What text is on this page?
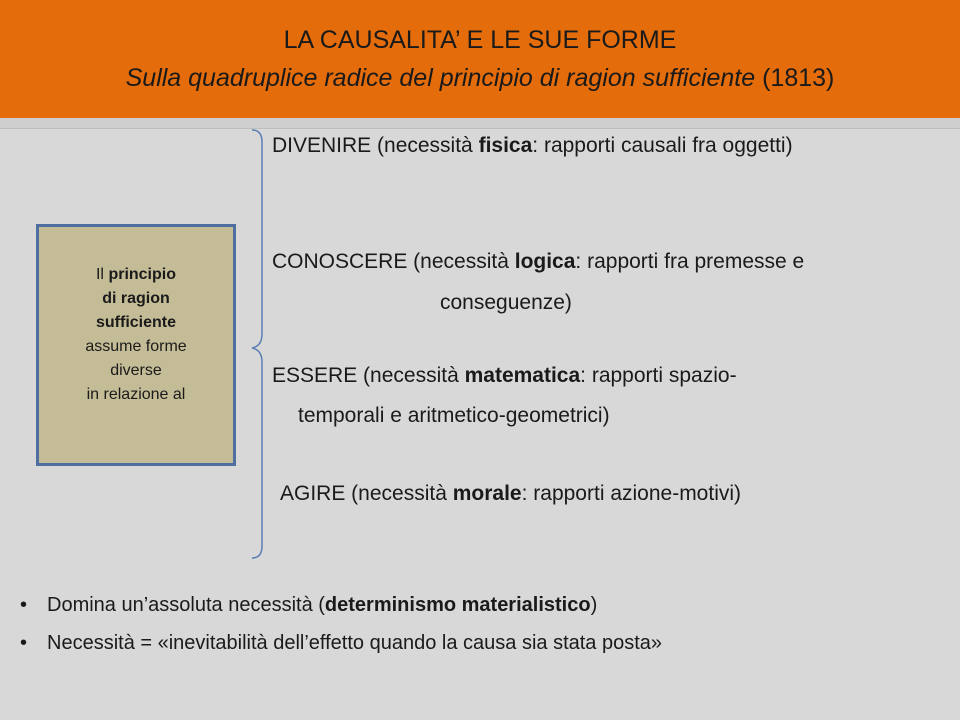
LA CAUSALITA’ E LE SUE FORME
Sulla quadruplice radice del principio di ragion sufficiente (1813)
Il principio
di ragion
sufficiente
assume forme
diverse
in relazione al
DIVENIRE (necessità fisica: rapporti causali fra oggetti)
CONOSCERE (necessità logica: rapporti fra premesse e
conseguenze)
ESSERE (necessità matematica: rapporti spazio-
temporali e aritmetico-geometrici)
AGIRE (necessità morale: rapporti azione-motivi)
• Domina un’assoluta necessità (determinismo materialistico)
• Necessità = «inevitabilità dell’effetto quando la causa sia stata posta»
